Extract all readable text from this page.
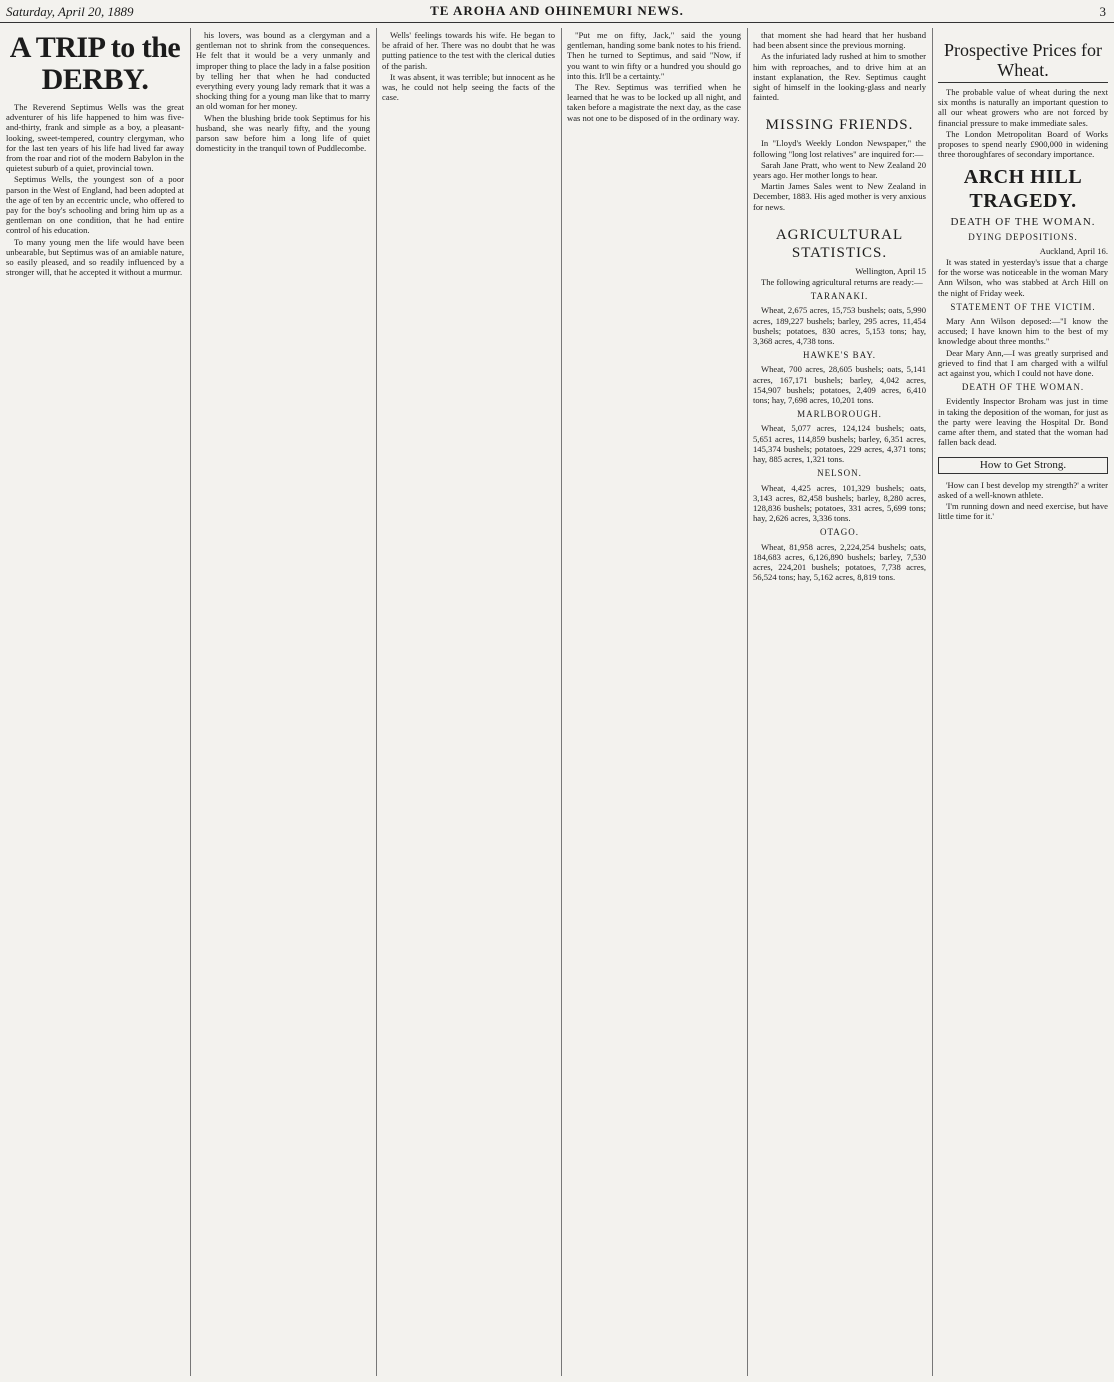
Saturday, April 20, 1889	TE AROHA AND OHINEMURI NEWS.	3
A TRIP to the DERBY.

The Reverend Septimus Wells was the great adventurer of his life happened to him was five-and-thirty, frank and simple as a boy, a pleasant-looking, sweet-tempered, country clergyman, who for the last ten years of his life had lived far away from the roar and riot of the modern Babylon in the quietest suburb of a quiet, provincial town.

Septimus Wells, the youngest son of a poor parson in the West of England, had been adopted at the age of ten by an eccentric uncle, who offered to pay for the boy's schooling and bring him up as a gentleman on one condition, that he had entire control of his education.

To many young men the life would have been unbearable, but Septimus was of an amiable nature, so easily pleased, and so readily influenced by a stronger will, that he accepted it without a murmur.

his lovers, was bound as a clergyman and a gentleman not to shrink from the consequences. He felt that it would be a very unmanly and improper thing to place the lady in a false position by telling her that when he had conducted everything every young lady remark that it was a shocking thing for a young man like that to marry an old woman for her money.

When the blushing bride took Septimus for his husband, she was nearly fifty, and the young parson saw before him a long life of quiet domesticity in the tranquil town of Puddlecombe.

Wells' feelings towards his wife. He began to be afraid of her. There was no doubt that he was putting patience to the test with the clerical duties of the parish.

It was absent, it was terrible; but innocent as he was, he could not help seeing the facts of the case.

"Put me on fifty, Jack," said the young gentleman, handing some bank notes to his friend. Then he turned to Septimus, and said "Now, if you want to win fifty or a hundred you should go into this. It'll be a certainty."

The Rev. Septimus was terrified when he learned that he was to be locked up all night, and taken before a magistrate the next day, as the case was not one to be disposed of in the ordinary way.

that moment she had heard that her husband had been absent since the previous morning.

As the infuriated lady rushed at him to smother him with reproaches, and to drive him at an instant explanation, the Rev. Septimus caught sight of himself in the looking-glass and nearly fainted.

MISSING FRIENDS.

In "Lloyd's Weekly London Newspaper," the following "long lost relatives" are inquired for:—

Sarah Jane Pratt, who went to New Zealand 20 years ago. Her mother longs to hear.

Martin James Sales went to New Zealand in December, 1883. His aged mother is very anxious for news.

AGRICULTURAL STATISTICS.

Wellington, April 15

The following agricultural returns are ready:—

TARANAKI.

Wheat, 2,675 acres, 15,753 bushels; oats, 5,990 acres, 189,227 bushels; barley, 295 acres, 11,454 bushels; potatoes, 830 acres, 5,153 tons; hay, 3,368 acres, 4,738 tons.

HAWKE'S BAY.

Wheat, 700 acres, 28,605 bushels; oats, 5,141 acres, 167,171 bushels; barley, 4,042 acres, 154,907 bushels; potatoes, 2,409 acres, 6,410 tons; hay, 7,698 acres, 10,201 tons.

MARLBOROUGH.

Wheat, 5,077 acres, 124,124 bushels; oats, 5,651 acres, 114,859 bushels; barley, 6,351 acres, 145,374 bushels; potatoes, 229 acres, 4,371 tons; hay, 885 acres, 1,321 tons.

NELSON.

Wheat, 4,425 acres, 101,329 bushels; oats, 3,143 acres, 82,458 bushels; barley, 8,280 acres, 128,836 bushels; potatoes, 331 acres, 5,699 tons; hay, 2,626 acres, 3,336 tons.

OTAGO.

Wheat, 81,958 acres, 2,224,254 bushels; oats, 184,683 acres, 6,126,890 bushels; barley, 7,530 acres, 224,201 bushels; potatoes, 7,738 acres, 56,524 tons; hay, 5,162 acres, 8,819 tons.

Prospective Prices for Wheat.

The probable value of wheat during the next six months is naturally an important question to all our wheat growers who are not forced by financial pressure to make immediate sales.

The London Metropolitan Board of Works proposes to spend nearly £900,000 in widening three thoroughfares of secondary importance.

ARCH HILL TRAGEDY.
DEATH OF THE WOMAN.
DYING DEPOSITIONS.

Auckland, April 16.

It was stated in yesterday's issue that a charge for the worse was noticeable in the woman Mary Ann Wilson, who was stabbed at Arch Hill on the night of Friday week.

STATEMENT OF THE VICTIM.

Mary Ann Wilson deposed:—"I know the accused; I have known him to the best of my knowledge about three months."

Dear Mary Ann,—I was greatly surprised and grieved to find that I am charged with a wilful act against you, which I could not have done.

DEATH OF THE WOMAN.

Evidently Inspector Broham was just in time in taking the deposition of the woman, for just as the party were leaving the Hospital Dr. Bond came after them, and stated that the woman had fallen back dead.

How to Get Strong.

'How can I best develop my strength?' a writer asked of a well-known athlete.

'I'm running down and need exercise, but have little time for it.'
